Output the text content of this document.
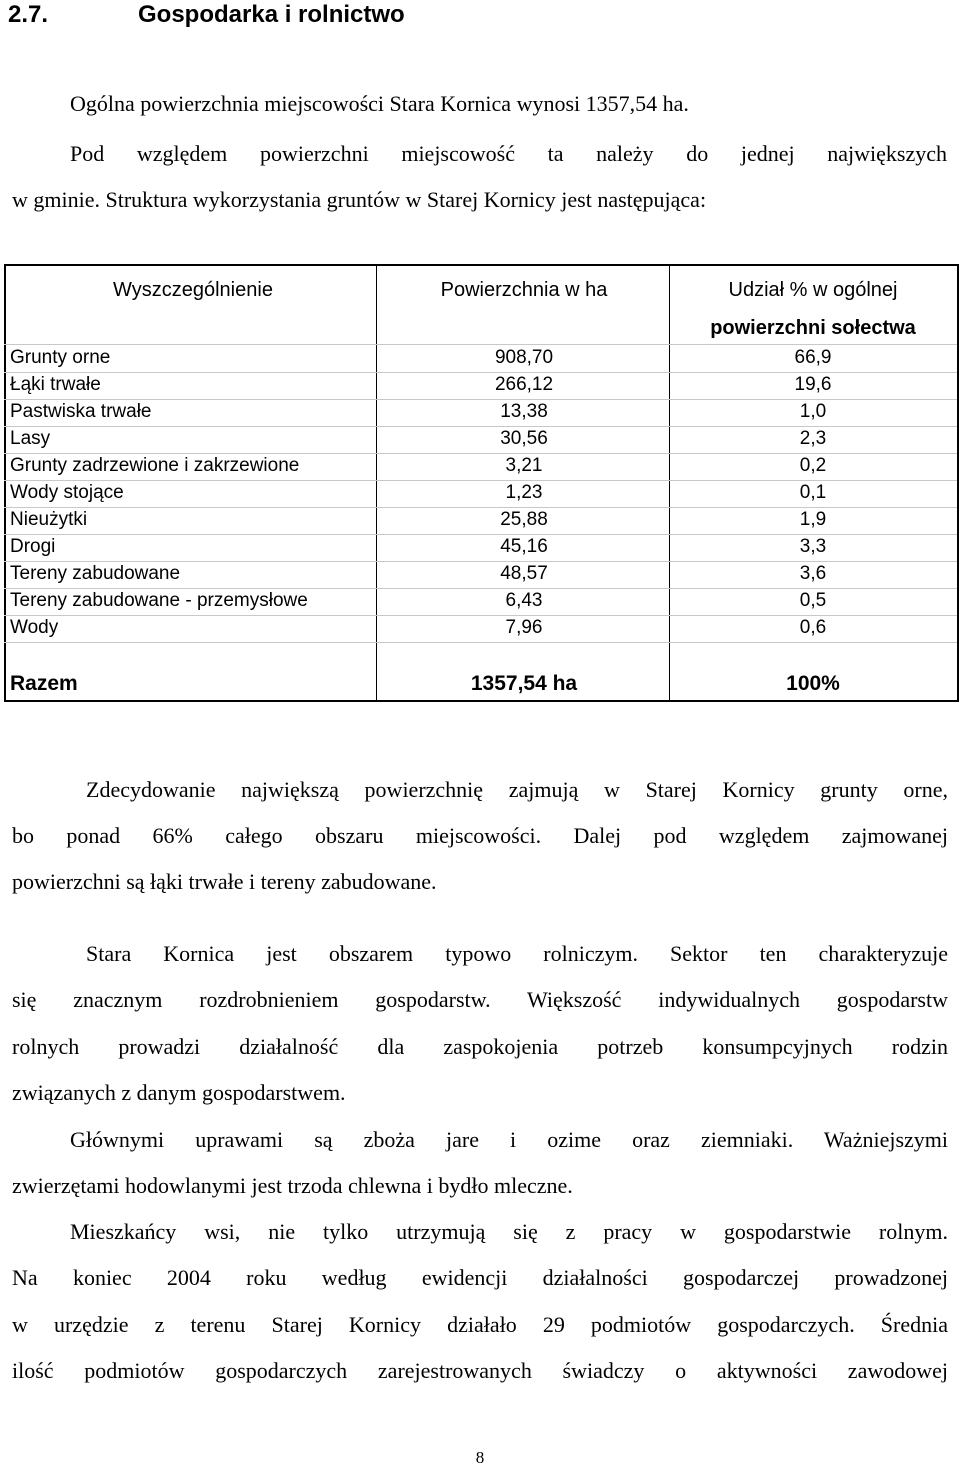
2.7.	Gospodarka i rolnictwo
Ogólna powierzchnia miejscowości Stara Kornica wynosi 1357,54 ha.
Pod względem powierzchni miejscowość ta należy do jednej największych
w gminie. Struktura wykorzystania gruntów w Starej Kornicy jest następująca:
Wyszczególnienie	Powierzchnia w ha	Udział % w ogólnej
powierzchni sołectwa
Grunty orne	908,70	66,9
Łąki trwałe	266,12	19,6
Pastwiska trwałe	13,38	1,0
Lasy	30,56	2,3
Grunty zadrzewione i zakrzewione	3,21	0,2
Wody stojące	1,23	0,1
Nieużytki	25,88	1,9
Drogi	45,16	3,3
Tereny zabudowane	48,57	3,6
Tereny zabudowane - przemysłowe	6,43	0,5
Wody	7,96	0,6
Razem	1357,54 ha	100%
Zdecydowanie największą powierzchnię zajmują w Starej Kornicy grunty orne,
bo ponad 66% całego obszaru miejscowości. Dalej pod względem zajmowanej
powierzchni są łąki trwałe i tereny zabudowane.
Stara Kornica jest obszarem typowo rolniczym. Sektor ten charakteryzuje
się znacznym rozdrobnieniem gospodarstw. Większość indywidualnych gospodarstw
rolnych prowadzi działalność dla zaspokojenia potrzeb konsumpcyjnych rodzin
związanych z danym gospodarstwem.
Głównymi uprawami są zboża jare i ozime oraz ziemniaki. Ważniejszymi
zwierzętami hodowlanymi jest trzoda chlewna i bydło mleczne.
Mieszkańcy wsi, nie tylko utrzymują się z pracy w gospodarstwie rolnym.
Na koniec 2004 roku według ewidencji działalności gospodarczej prowadzonej
w urzędzie z terenu Starej Kornicy działało 29 podmiotów gospodarczych. Średnia
ilość podmiotów gospodarczych zarejestrowanych świadczy o aktywności zawodowej
8
